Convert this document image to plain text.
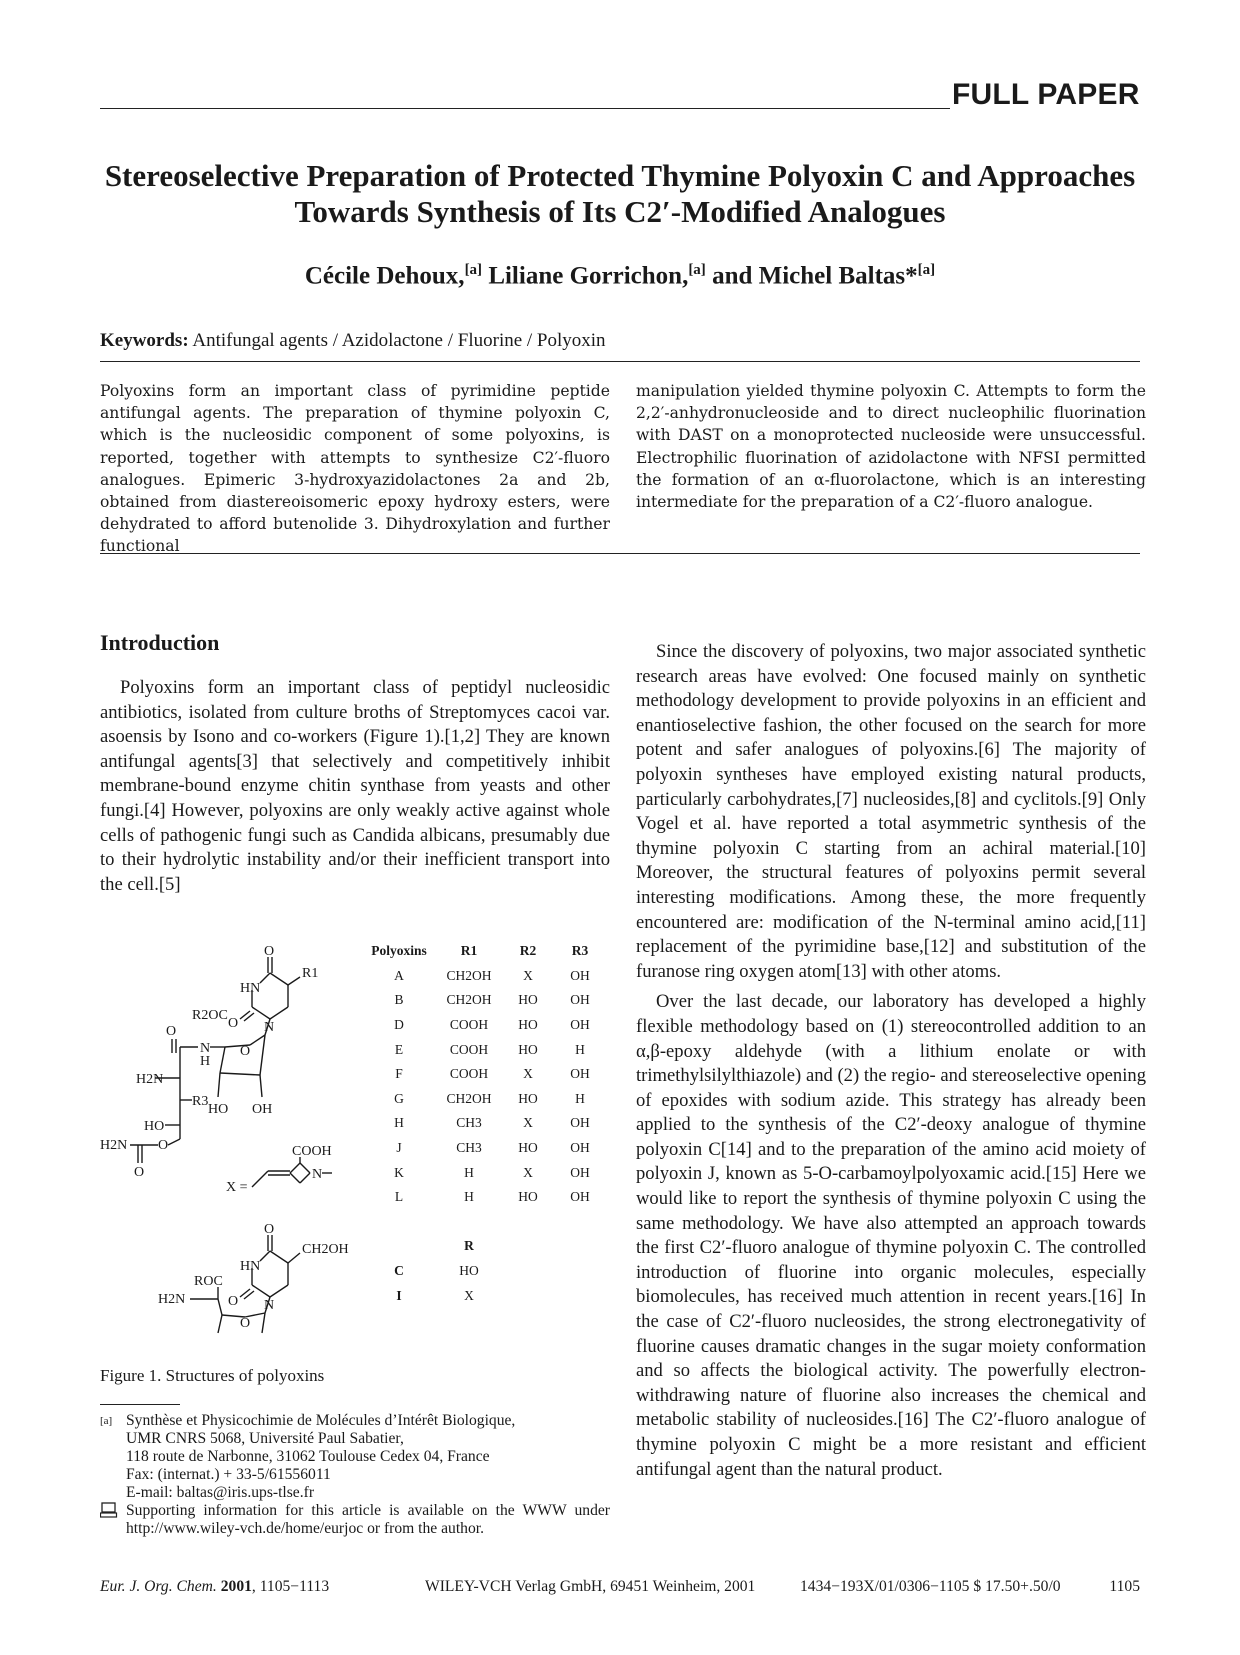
FULL PAPER
Stereoselective Preparation of Protected Thymine Polyoxin C and Approaches Towards Synthesis of Its C2′-Modified Analogues
Cécile Dehoux,[a] Liliane Gorrichon,[a] and Michel Baltas*[a]
Keywords: Antifungal agents / Azidolactone / Fluorine / Polyoxin
Polyoxins form an important class of pyrimidine peptide antifungal agents. The preparation of thymine polyoxin C, which is the nucleosidic component of some polyoxins, is reported, together with attempts to synthesize C2′-fluoro analogues. Epimeric 3-hydroxyazidolactones 2a and 2b, obtained from diastereoisomeric epoxy hydroxy esters, were dehydrated to afford butenolide 3. Dihydroxylation and further functional
manipulation yielded thymine polyoxin C. Attempts to form the 2,2′-anhydronucleoside and to direct nucleophilic fluorination with DAST on a monoprotected nucleoside were unsuccessful. Electrophilic fluorination of azidolactone with NFSI permitted the formation of an α-fluorolactone, which is an interesting intermediate for the preparation of a C2′-fluoro analogue.
Introduction

Polyoxins form an important class of peptidyl nucleosidic antibiotics, isolated from culture broths of Streptomyces cacoi var. asoensis by Isono and co-workers (Figure 1).[1,2] They are known antifungal agents[3] that selectively and competitively inhibit membrane-bound enzyme chitin synthase from yeasts and other fungi.[4] However, polyoxins are only weakly active against whole cells of pathogenic fungi such as Candida albicans, presumably due to their hydrolytic instability and/or their inefficient transport into the cell.[5]

Since the discovery of polyoxins, two major associated synthetic research areas have evolved: One focused mainly on synthetic methodology development to provide polyoxins in an efficient and enantioselective fashion, the other focused on the search for more potent and safer analogues of polyoxins.[6] The majority of polyoxin syntheses have employed existing natural products, particularly carbohydrates,[7] nucleosides,[8] and cyclitols.[9] Only Vogel et al. have reported a total asymmetric synthesis of the thymine polyoxin C starting from an achiral material.[10] Moreover, the structural features of polyoxins permit several interesting modifications. Among these, the more frequently encountered are: modification of the N-terminal amino acid,[11] replacement of the pyrimidine base,[12] and substitution of the furanose ring oxygen atom[13] with other atoms.

Over the last decade, our laboratory has developed a highly flexible methodology based on (1) stereocontrolled addition to an α,β-epoxy aldehyde (with a lithium enolate or with trimethylsilylthiazole) and (2) the regio- and stereoselective opening of epoxides with sodium azide. This strategy has already been applied to the synthesis of the C2′-deoxy analogue of thymine polyoxin C[14] and to the preparation of the amino acid moiety of polyoxin J, known as 5-O-carbamoylpolyoxamic acid.[15] Here we would like to report the synthesis of thymine polyoxin C using the same methodology. We have also attempted an approach towards the first C2′-fluoro analogue of thymine polyoxin C. The controlled introduction of fluorine into organic molecules, especially biomolecules, has received much attention in recent years.[16] In the case of C2′-fluoro nucleosides, the strong electronegativity of fluorine causes dramatic changes in the sugar moiety conformation and so affects the biological activity. The powerfully electron-withdrawing nature of fluorine also increases the chemical and metabolic stability of nucleosides.[16] The C2′-fluoro analogue of thymine polyoxin C might be a more resistant and efficient antifungal agent than the natural product.

O
HN
R1
O N
R2OC
N
H
O
O
H2N
R3
HO
HO OH
O
H2N
O
COOH
N
X =
O
CH2OH
HN
O N
ROC
H2N
O
Polyoxins	R1	R2	R3
A	CH2OH	X	OH
B	CH2OH	HO	OH
D	COOH	HO	OH
E	COOH	HO	H
F	COOH	X	OH
G	CH2OH	HO	H
H	CH3	X	OH
J	CH3	HO	OH
K	H	X	OH
L	H	HO	OH

	R		
C	HO		
I	X		
Figure 1. Structures of polyoxins
[a] Synthèse et Physicochimie de Molécules d’Intérêt Biologique,
UMR CNRS 5068, Université Paul Sabatier,
118 route de Narbonne, 31062 Toulouse Cedex 04, France
Fax: (internat.) + 33-5/61556011
E-mail: baltas@iris.ups-tlse.fr
Supporting information for this article is available on the WWW under http://www.wiley-vch.de/home/eurjoc or from the author.
Eur. J. Org. Chem. 2001, 1105−1113	WILEY-VCH Verlag GmbH, 69451 Weinheim, 2001	1434−193X/01/0306−1105 $ 17.50+.50/0	1105
